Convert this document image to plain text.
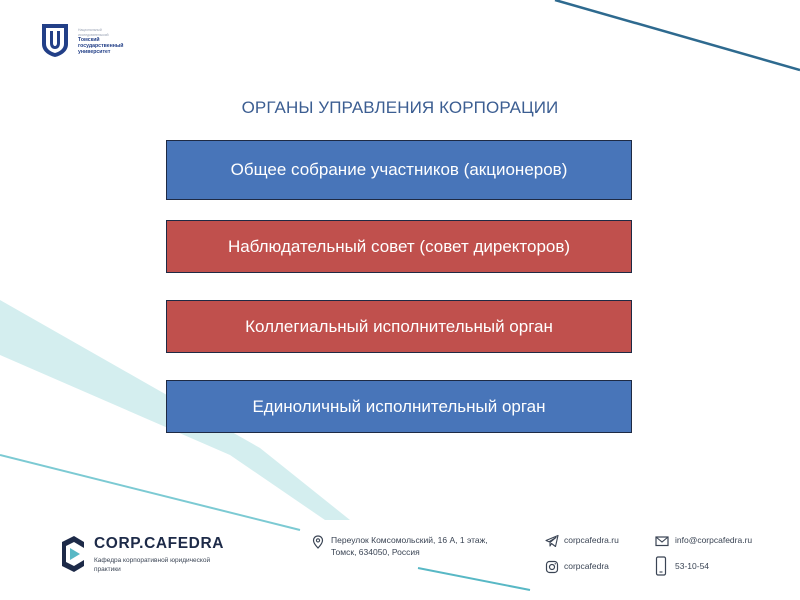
Национальный
исследовательский
Томский государственный университет
ОРГАНЫ УПРАВЛЕНИЯ КОРПОРАЦИИ
Общее собрание участников (акционеров)
Наблюдательный совет (совет директоров)
Коллегиальный исполнительный орган
Единоличный исполнительный орган
CORP.CAFEDRA
Кафедра корпоративной юридической практики
Переулок Комсомольский, 16 А, 1 этаж,
Томск, 634050, Россия
corpcafedra.ru	info@corpcafedra.ru
corpcafedra	53-10-54
